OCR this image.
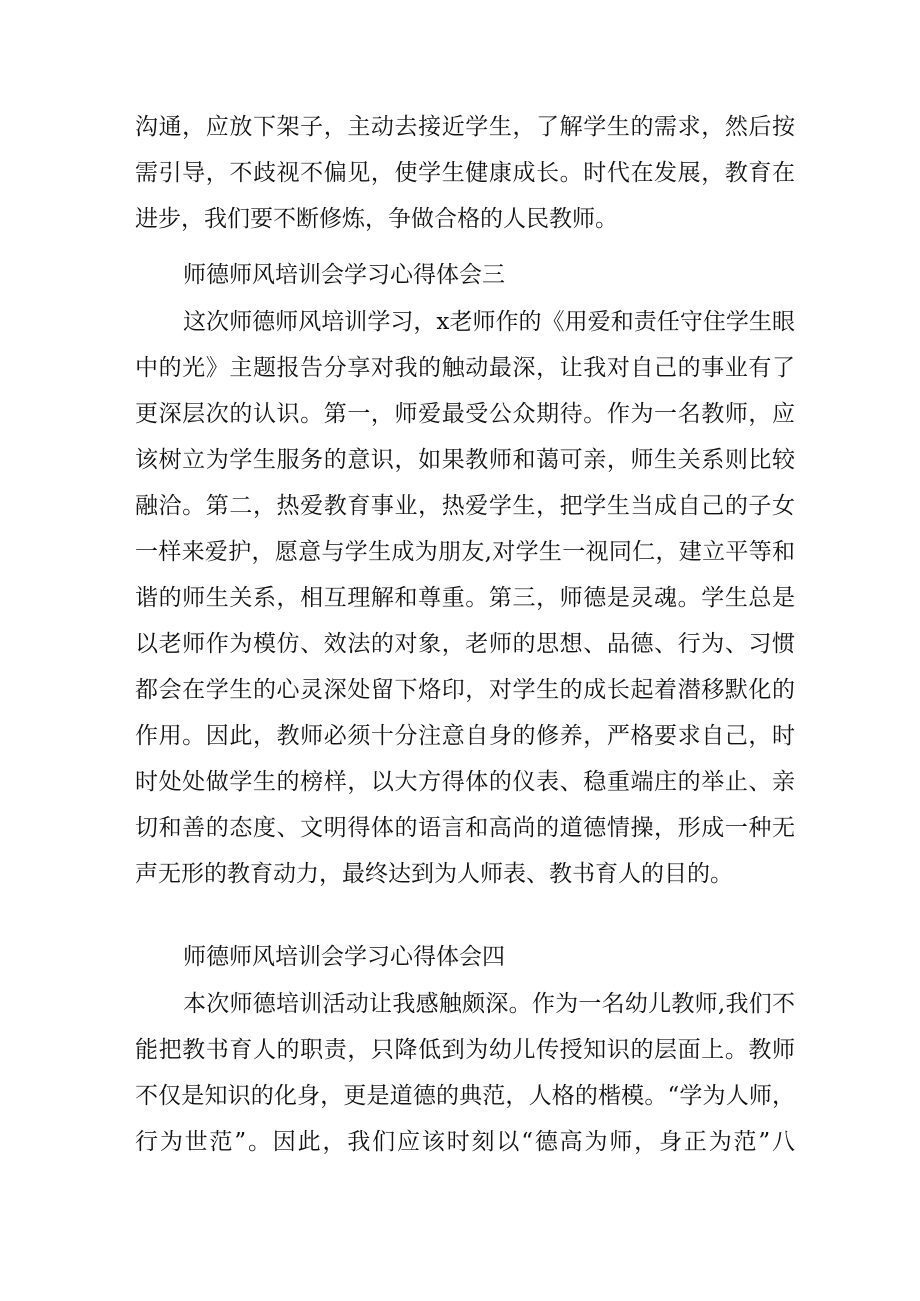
沟通，应放下架子，主动去接近学生，了解学生的需求，然后按
需引导，不歧视不偏见，使学生健康成长。时代在发展，教育在
进步，我们要不断修炼，争做合格的人民教师。
师德师风培训会学习心得体会三
这次师德师风培训学习，x老师作的《用爱和责任守住学生眼
中的光》主题报告分享对我的触动最深，让我对自己的事业有了
更深层次的认识。第一，师爱最受公众期待。作为一名教师，应
该树立为学生服务的意识，如果教师和蔼可亲，师生关系则比较
融洽。第二，热爱教育事业，热爱学生，把学生当成自己的子女
一样来爱护，愿意与学生成为朋友,对学生一视同仁，建立平等和
谐的师生关系，相互理解和尊重。第三，师德是灵魂。学生总是
以老师作为模仿、效法的对象，老师的思想、品德、行为、习惯
都会在学生的心灵深处留下烙印，对学生的成长起着潜移默化的
作用。因此，教师必须十分注意自身的修养，严格要求自己，时
时处处做学生的榜样，以大方得体的仪表、稳重端庄的举止、亲
切和善的态度、文明得体的语言和高尚的道德情操，形成一种无
声无形的教育动力，最终达到为人师表、教书育人的目的。
师德师风培训会学习心得体会四
本次师德培训活动让我感触颇深。作为一名幼儿教师,我们不
能把教书育人的职责，只降低到为幼儿传授知识的层面上。教师
不仅是知识的化身，更是道德的典范，人格的楷模。“学为人师，
行为世范”。因此，我们应该时刻以“德高为师，身正为范”八
